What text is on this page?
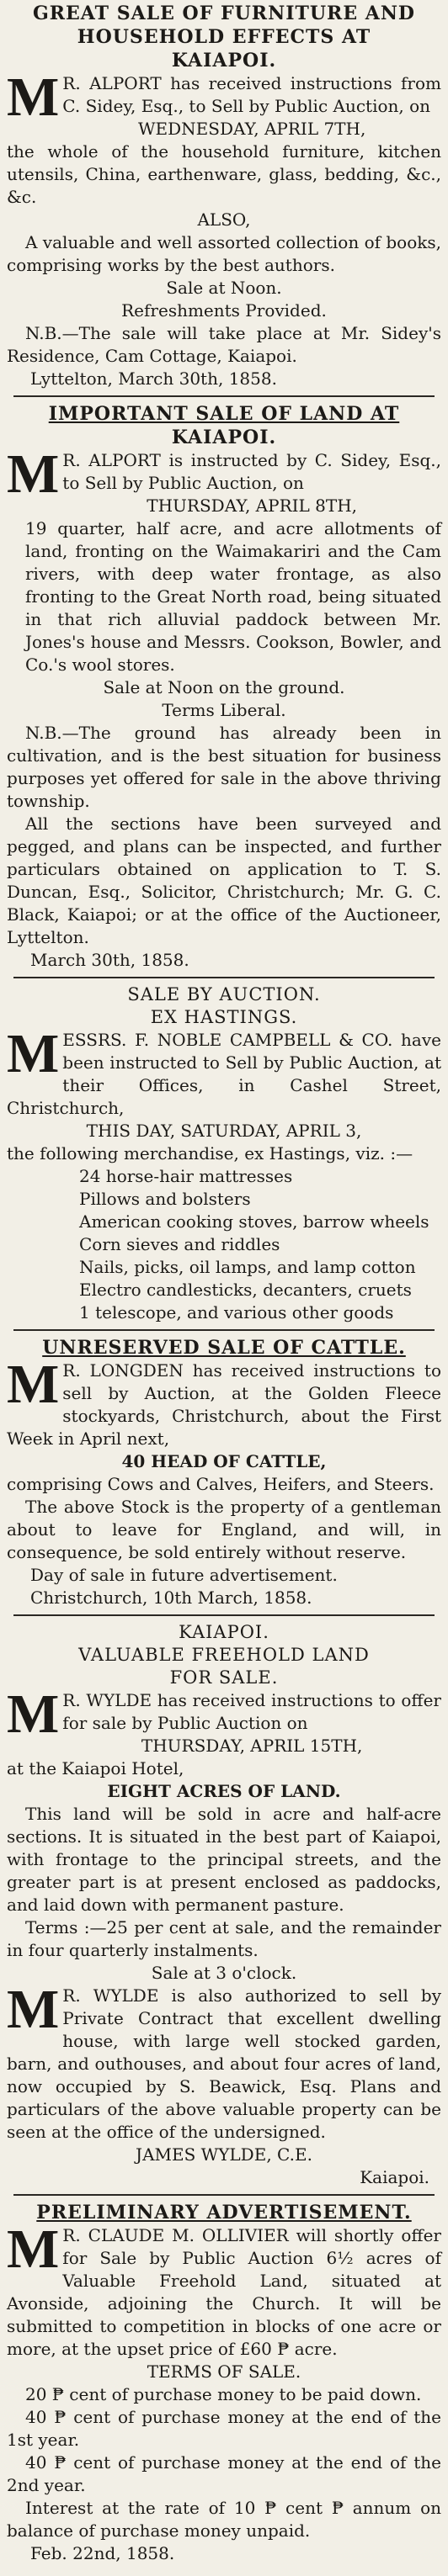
GREAT SALE OF FURNITURE AND
HOUSEHOLD EFFECTS AT
KAIAPOI.
M R. ALPORT has received instructions from C. Sidey, Esq., to Sell by Public Auction, on

WEDNESDAY, APRIL 7TH,

the whole of the household furniture, kitchen utensils, China, earthenware, glass, bedding, &c., &c.

ALSO,

A valuable and well assorted collection of books, comprising works by the best authors.

Sale at Noon.
Refreshments Provided.

N.B.—The sale will take place at Mr. Sidey's Residence, Cam Cottage, Kaiapoi.

Lyttelton, March 30th, 1858.
IMPORTANT SALE OF LAND AT
KAIAPOI.
M R. ALPORT is instructed by C. Sidey, Esq., to Sell by Public Auction, on

THURSDAY, APRIL 8TH,

19 quarter, half acre, and acre allotments of land, fronting on the Waimakariri and the Cam rivers, with deep water frontage, as also fronting to the Great North road, being situated in that rich alluvial paddock between Mr. Jones's house and Messrs. Cookson, Bowler, and Co.'s wool stores.

Sale at Noon on the ground.
Terms Liberal.

N.B.—The ground has already been in cultivation, and is the best situation for business purposes yet offered for sale in the above thriving township.

All the sections have been surveyed and pegged, and plans can be inspected, and further particulars obtained on application to T. S. Duncan, Esq., Solicitor, Christchurch; Mr. G. C. Black, Kaiapoi; or at the office of the Auctioneer, Lyttelton.

March 30th, 1858.
SALE BY AUCTION.
EX HASTINGS.
M ESSRS. F. NOBLE CAMPBELL & CO. have been instructed to Sell by Public Auction, at their Offices, in Cashel Street, Christchurch,

THIS DAY, SATURDAY, APRIL 3,

the following merchandise, ex Hastings, viz. :—

24 horse-hair mattresses
Pillows and bolsters
American cooking stoves, barrow wheels
Corn sieves and riddles
Nails, picks, oil lamps, and lamp cotton
Electro candlesticks, decanters, cruets
1 telescope, and various other goods
UNRESERVED SALE OF CATTLE.
M R. LONGDEN has received instructions to sell by Auction, at the Golden Fleece stockyards, Christchurch, about the First Week in April next,

40 HEAD OF CATTLE,

comprising Cows and Calves, Heifers, and Steers.

The above Stock is the property of a gentleman about to leave for England, and will, in consequence, be sold entirely without reserve.

Day of sale in future advertisement.
Christchurch, 10th March, 1858.
KAIAPOI.
VALUABLE FREEHOLD LAND
FOR SALE.
M R. WYLDE has received instructions to offer for sale by Public Auction on

THURSDAY, APRIL 15TH,

at the Kaiapoi Hotel,

EIGHT ACRES OF LAND.

This land will be sold in acre and half-acre sections. It is situated in the best part of Kaiapoi, with frontage to the principal streets, and the greater part is at present enclosed as paddocks, and laid down with permanent pasture.

Terms :—25 per cent at sale, and the remainder in four quarterly instalments.

Sale at 3 o'clock.
M R. WYLDE is also authorized to sell by Private Contract that excellent dwelling house, with large well stocked garden, barn, and outhouses, and about four acres of land, now occupied by S. Beawick, Esq. Plans and particulars of the above valuable property can be seen at the office of the undersigned.

JAMES WYLDE, C.E.
Kaiapoi.
PRELIMINARY ADVERTISEMENT.
M R. CLAUDE M. OLLIVIER will shortly offer for Sale by Public Auction 6½ acres of Valuable Freehold Land, situated at Avonside, adjoining the Church. It will be submitted to competition in blocks of one acre or more, at the upset price of £60 ₱ acre.

TERMS OF SALE.

20 ₱ cent of purchase money to be paid down.

40 ₱ cent of purchase money at the end of the 1st year.

40 ₱ cent of purchase money at the end of the 2nd year.

Interest at the rate of 10 ₱ cent ₱ annum on balance of purchase money unpaid.

Feb. 22nd, 1858.
